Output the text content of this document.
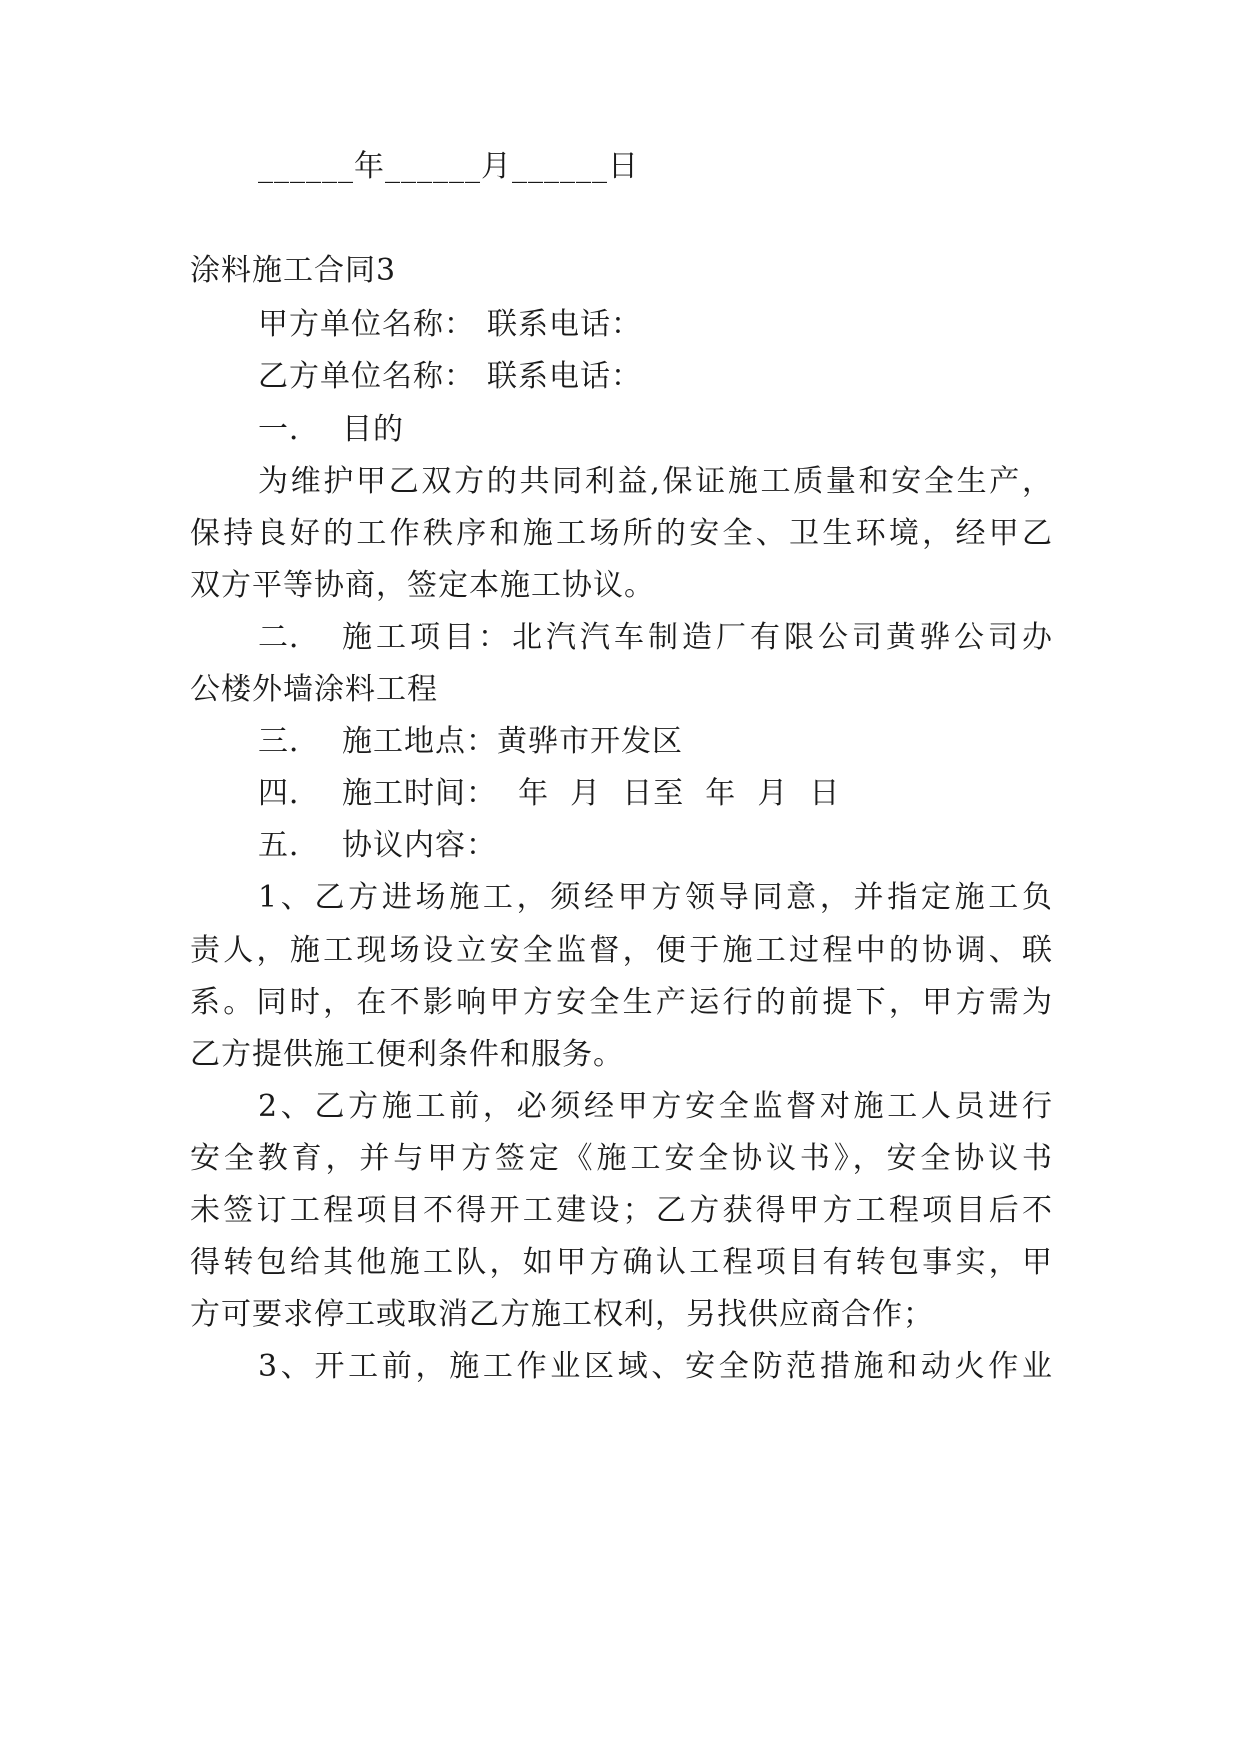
______年______月______日
涂料施工合同3
甲方单位名称： 联系电话：
乙方单位名称： 联系电话：
一． 目的
为维护甲乙双方的共同利益,保证施工质量和安全生产，
保持良好的工作秩序和施工场所的安全、卫生环境，经甲乙
双方平等协商，签定本施工协议。
二． 施工项目：北汽汽车制造厂有限公司黄骅公司办
公楼外墙涂料工程
三． 施工地点：黄骅市开发区
四． 施工时间：  年  月  日至  年  月  日
五． 协议内容：
1、乙方进场施工，须经甲方领导同意，并指定施工负
责人，施工现场设立安全监督，便于施工过程中的协调、联
系。同时，在不影响甲方安全生产运行的前提下，甲方需为
乙方提供施工便利条件和服务。
2、乙方施工前，必须经甲方安全监督对施工人员进行
安全教育，并与甲方签定《施工安全协议书》，安全协议书
未签订工程项目不得开工建设；乙方获得甲方工程项目后不
得转包给其他施工队，如甲方确认工程项目有转包事实，甲
方可要求停工或取消乙方施工权利，另找供应商合作；
3、开工前，施工作业区域、安全防范措施和动火作业
